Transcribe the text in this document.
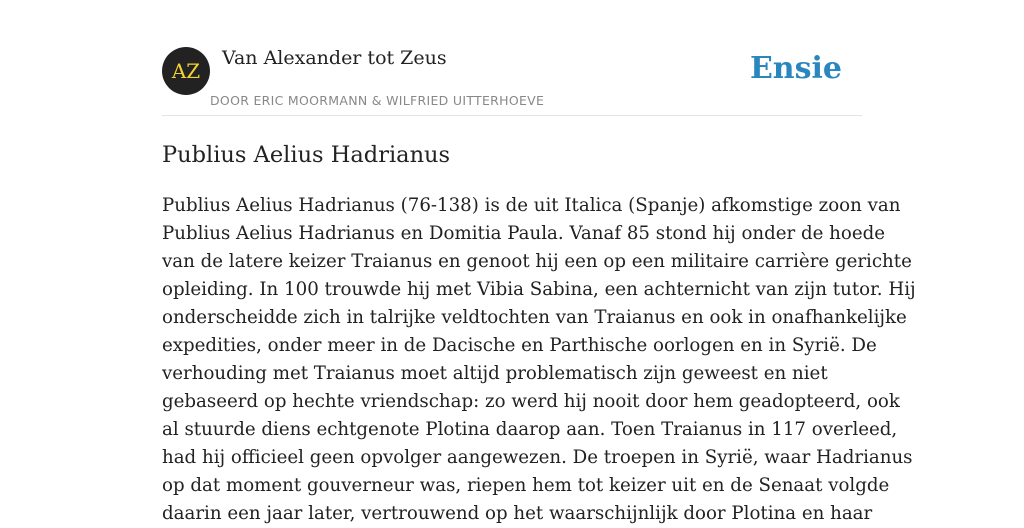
AZ
Van Alexander tot Zeus
DOOR ERIC MOORMANN & WILFRIED UITTERHOEVE
Ensie
Publius Aelius Hadrianus
Publius Aelius Hadrianus (76-138) is de uit Italica (Spanje) afkomstige zoon van
Publius Aelius Hadrianus en Domitia Paula. Vanaf 85 stond hij onder de hoede
van de latere keizer Traianus en genoot hij een op een militaire carrière gerichte
opleiding. In 100 trouwde hij met Vibia Sabina, een achternicht van zijn tutor. Hij
onderscheidde zich in talrijke veldtochten van Traianus en ook in onafhankelijke
expedities, onder meer in de Dacische en Parthische oorlogen en in Syrië. De
verhouding met Traianus moet altijd problematisch zijn geweest en niet
gebaseerd op hechte vriendschap: zo werd hij nooit door hem geadopteerd, ook
al stuurde diens echtgenote Plotina daarop aan. Toen Traianus in 117 overleed,
had hij officieel geen opvolger aangewezen. De troepen in Syrië, waar Hadrianus
op dat moment gouverneur was, riepen hem tot keizer uit en de Senaat volgde
daarin een jaar later, vertrouwend op het waarschijnlijk door Plotina en haar
